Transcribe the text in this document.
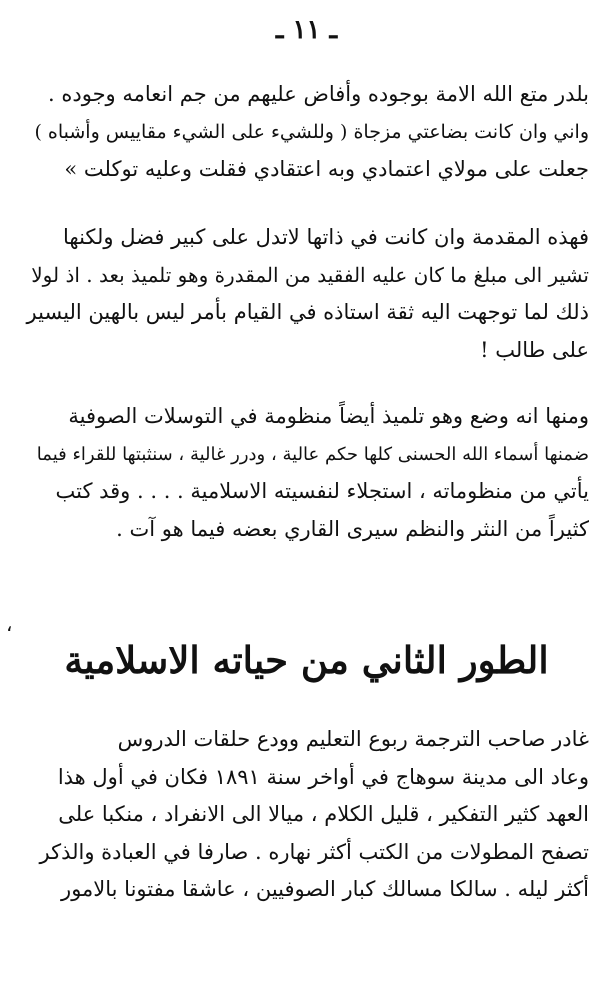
ـ ١١ ـ
بلدر متع الله الامة بوجوده وأفاض عليهم من جم انعامه وجوده .
واني وان كانت بضاعتي مزجاة ( وللشيء على الشيء مقاييس وأشباه )
جعلت على مولاي اعتمادي وبه اعتقادي فقلت وعليه توكلت »
فهذه المقدمة وان كانت في ذاتها لاتدل على كبير فضل ولكنها
تشير الى مبلغ ما كان عليه الفقيد من المقدرة وهو تلميذ بعد . اذ لولا
ذلك لما توجهت اليه ثقة استاذه في القيام بأمر ليس بالهين اليسير
على طالب !
ومنها انه وضع وهو تلميذ أيضاً منظومة في التوسلات الصوفية
ضمنها أسماء الله الحسنى كلها حكم عالية ، ودرر غالية ، سنثبتها للقراء فيما
يأتي من منظوماته ، استجلاء لنفسيته الاسلامية . . . . وقد كتب
كثيراً من النثر والنظم سيرى القاري بعضه فيما هو آت .
،
الطور الثاني من حياته الاسلامية
غادر صاحب الترجمة ربوع التعليم وودع حلقات الدروس
وعاد الى مدينة سوهاج في أواخر سنة ١٨٩١ فكان في أول هذا
العهد كثير التفكير ، قليل الكلام ، ميالا الى الانفراد ، منكبا على
تصفح المطولات من الكتب أكثر نهاره . صارفا في العبادة والذكر
أكثر ليله . سالكا مسالك كبار الصوفيين ، عاشقا مفتونا بالامور
